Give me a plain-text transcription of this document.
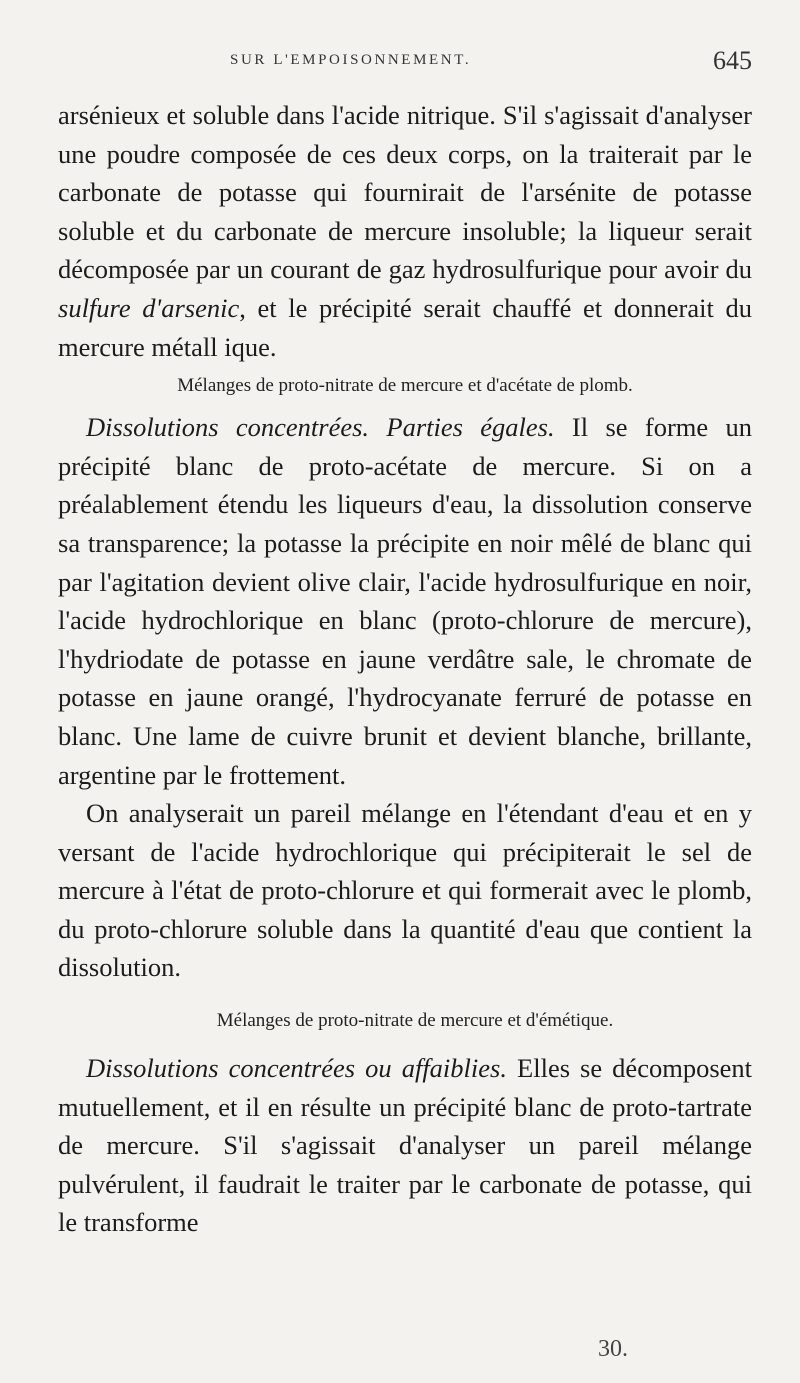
SUR L'EMPOISONNEMENT.	645

arsénieux et soluble dans l'acide nitrique. S'il s'agissait d'analyser une poudre composée de ces deux corps, on la traiterait par le carbonate de potasse qui fournirait de l'arsénite de potasse soluble et du carbonate de mercure insoluble; la liqueur serait décomposée par un courant de gaz hydrosulfurique pour avoir du sulfure d'arsenic, et le précipité serait chauffé et donnerait du mercure métall ique.

Mélanges de proto-nitrate de mercure et d'acétate de plomb.

Dissolutions concentrées. Parties égales. Il se forme un précipité blanc de proto-acétate de mercure. Si on a préalablement étendu les liqueurs d'eau, la dissolution conserve sa transparence; la potasse la précipite en noir mêlé de blanc qui par l'agitation devient olive clair, l'acide hydrosulfurique en noir, l'acide hydrochlorique en blanc (proto-chlorure de mercure), l'hydriodate de potasse en jaune verdâtre sale, le chromate de potasse en jaune orangé, l'hydrocyanate ferruré de potasse en blanc. Une lame de cuivre brunit et devient blanche, brillante, argentine par le frottement.

On analyserait un pareil mélange en l'étendant d'eau et en y versant de l'acide hydrochlorique qui précipiterait le sel de mercure à l'état de proto-chlorure et qui formerait avec le plomb, du proto-chlorure soluble dans la quantité d'eau que contient la dissolution.

Mélanges de proto-nitrate de mercure et d'émétique.

Dissolutions concentrées ou affaiblies. Elles se décomposent mutuellement, et il en résulte un précipité blanc de proto-tartrate de mercure. S'il s'agissait d'analyser un pareil mélange pulvérulent, il faudrait le traiter par le carbonate de potasse, qui le transforme

30.
